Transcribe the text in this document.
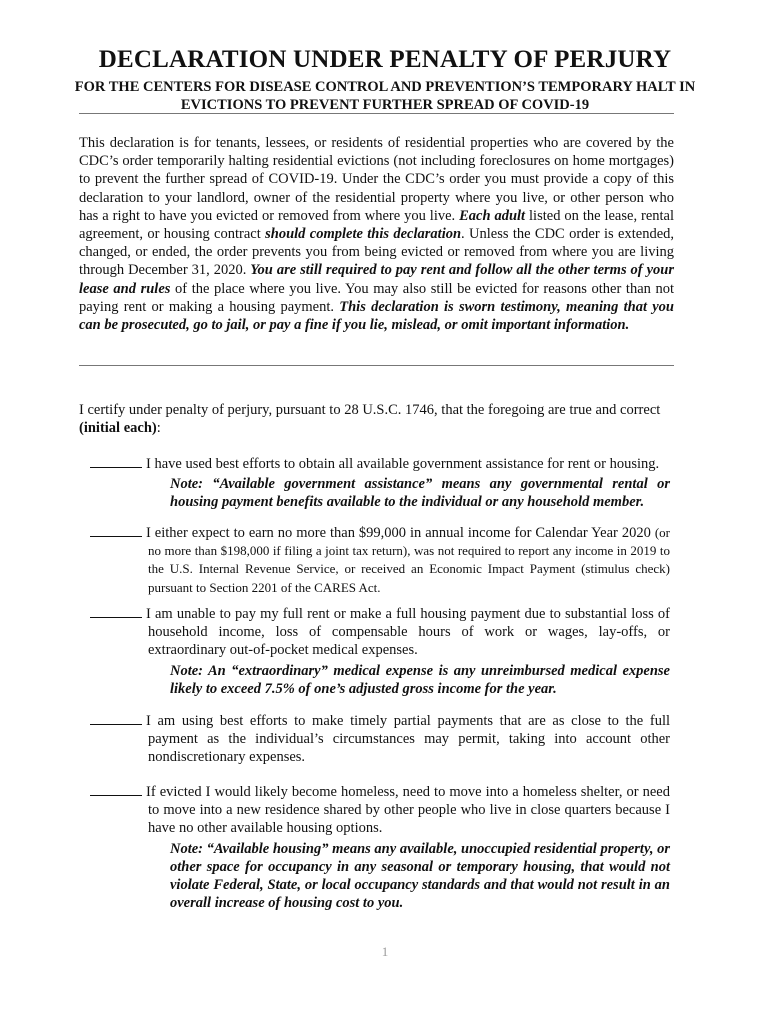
DECLARATION UNDER PENALTY OF PERJURY
FOR THE CENTERS FOR DISEASE CONTROL AND PREVENTION’S TEMPORARY HALT IN EVICTIONS TO PREVENT FURTHER SPREAD OF COVID-19
This declaration is for tenants, lessees, or residents of residential properties who are covered by the CDC’s order temporarily halting residential evictions (not including foreclosures on home mortgages) to prevent the further spread of COVID-19. Under the CDC’s order you must provide a copy of this declaration to your landlord, owner of the residential property where you live, or other person who has a right to have you evicted or removed from where you live. Each adult listed on the lease, rental agreement, or housing contract should complete this declaration. Unless the CDC order is extended, changed, or ended, the order prevents you from being evicted or removed from where you are living through December 31, 2020. You are still required to pay rent and follow all the other terms of your lease and rules of the place where you live. You may also still be evicted for reasons other than not paying rent or making a housing payment. This declaration is sworn testimony, meaning that you can be prosecuted, go to jail, or pay a fine if you lie, mislead, or omit important information.
I certify under penalty of perjury, pursuant to 28 U.S.C. 1746, that the foregoing are true and correct (initial each):
I have used best efforts to obtain all available government assistance for rent or housing.
Note: “Available government assistance” means any governmental rental or housing payment benefits available to the individual or any household member.
I either expect to earn no more than $99,000 in annual income for Calendar Year 2020 (or no more than $198,000 if filing a joint tax return), was not required to report any income in 2019 to the U.S. Internal Revenue Service, or received an Economic Impact Payment (stimulus check) pursuant to Section 2201 of the CARES Act.
I am unable to pay my full rent or make a full housing payment due to substantial loss of household income, loss of compensable hours of work or wages, lay-offs, or extraordinary out-of-pocket medical expenses.
Note: An “extraordinary” medical expense is any unreimbursed medical expense likely to exceed 7.5% of one’s adjusted gross income for the year.
I am using best efforts to make timely partial payments that are as close to the full payment as the individual’s circumstances may permit, taking into account other nondiscretionary expenses.
If evicted I would likely become homeless, need to move into a homeless shelter, or need to move into a new residence shared by other people who live in close quarters because I have no other available housing options.
Note: “Available housing” means any available, unoccupied residential property, or other space for occupancy in any seasonal or temporary housing, that would not violate Federal, State, or local occupancy standards and that would not result in an overall increase of housing cost to you.
1
